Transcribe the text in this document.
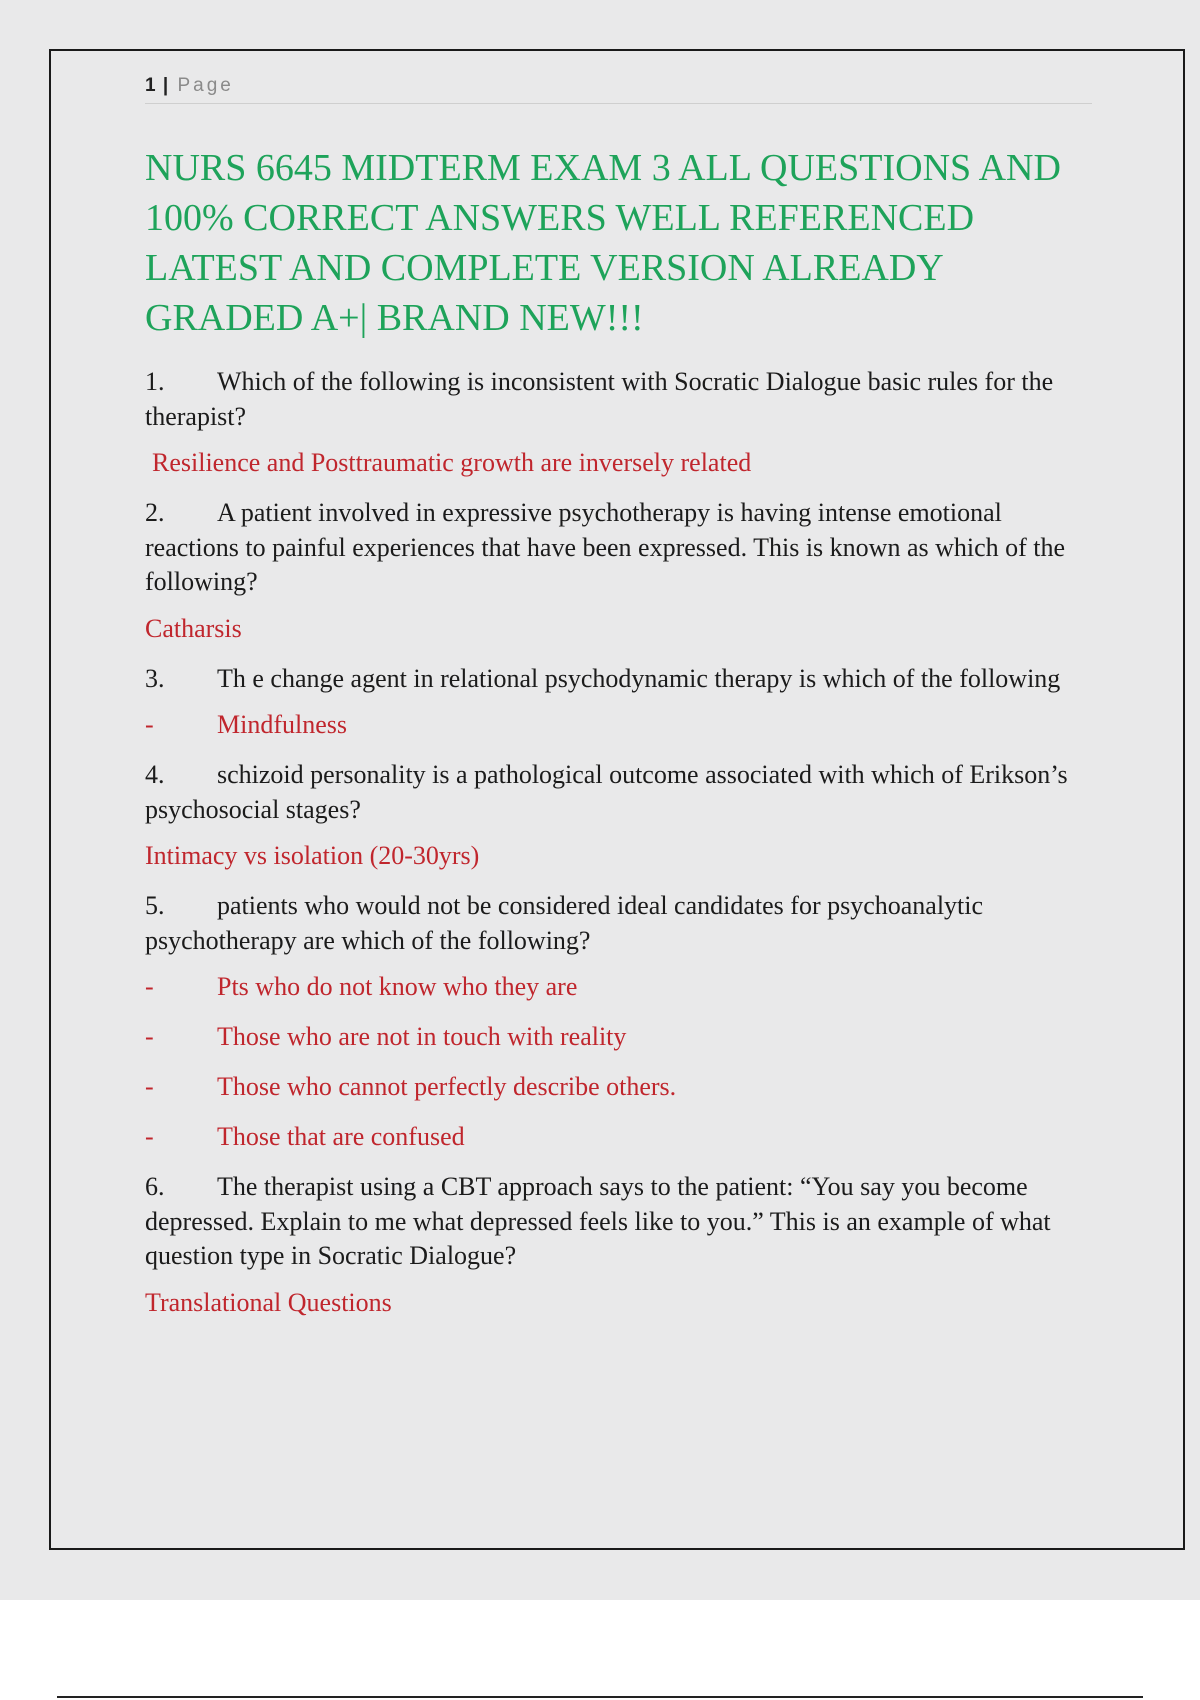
1 | Page
NURS 6645 MIDTERM EXAM 3 ALL QUESTIONS AND 100% CORRECT ANSWERS WELL REFERENCED LATEST AND COMPLETE VERSION ALREADY GRADED A+| BRAND NEW!!!

1. Which of the following is inconsistent with Socratic Dialogue basic rules for the therapist?

Resilience and Posttraumatic growth are inversely related

2. A patient involved in expressive psychotherapy is having intense emotional reactions to painful experiences that have been expressed. This is known as which of the following?

Catharsis

3. Th e change agent in relational psychodynamic therapy is which of the following

-	Mindfulness

4. schizoid personality is a pathological outcome associated with which of Erikson’s psychosocial stages?

Intimacy vs isolation (20-30yrs)

5. patients who would not be considered ideal candidates for psychoanalytic psychotherapy are which of the following?

-	Pts who do not know who they are

-	Those who are not in touch with reality

-	Those who cannot perfectly describe others.

-	Those that are confused

6. The therapist using a CBT approach says to the patient: “You say you become depressed. Explain to me what depressed feels like to you.” This is an example of what question type in Socratic Dialogue?

Translational Questions
